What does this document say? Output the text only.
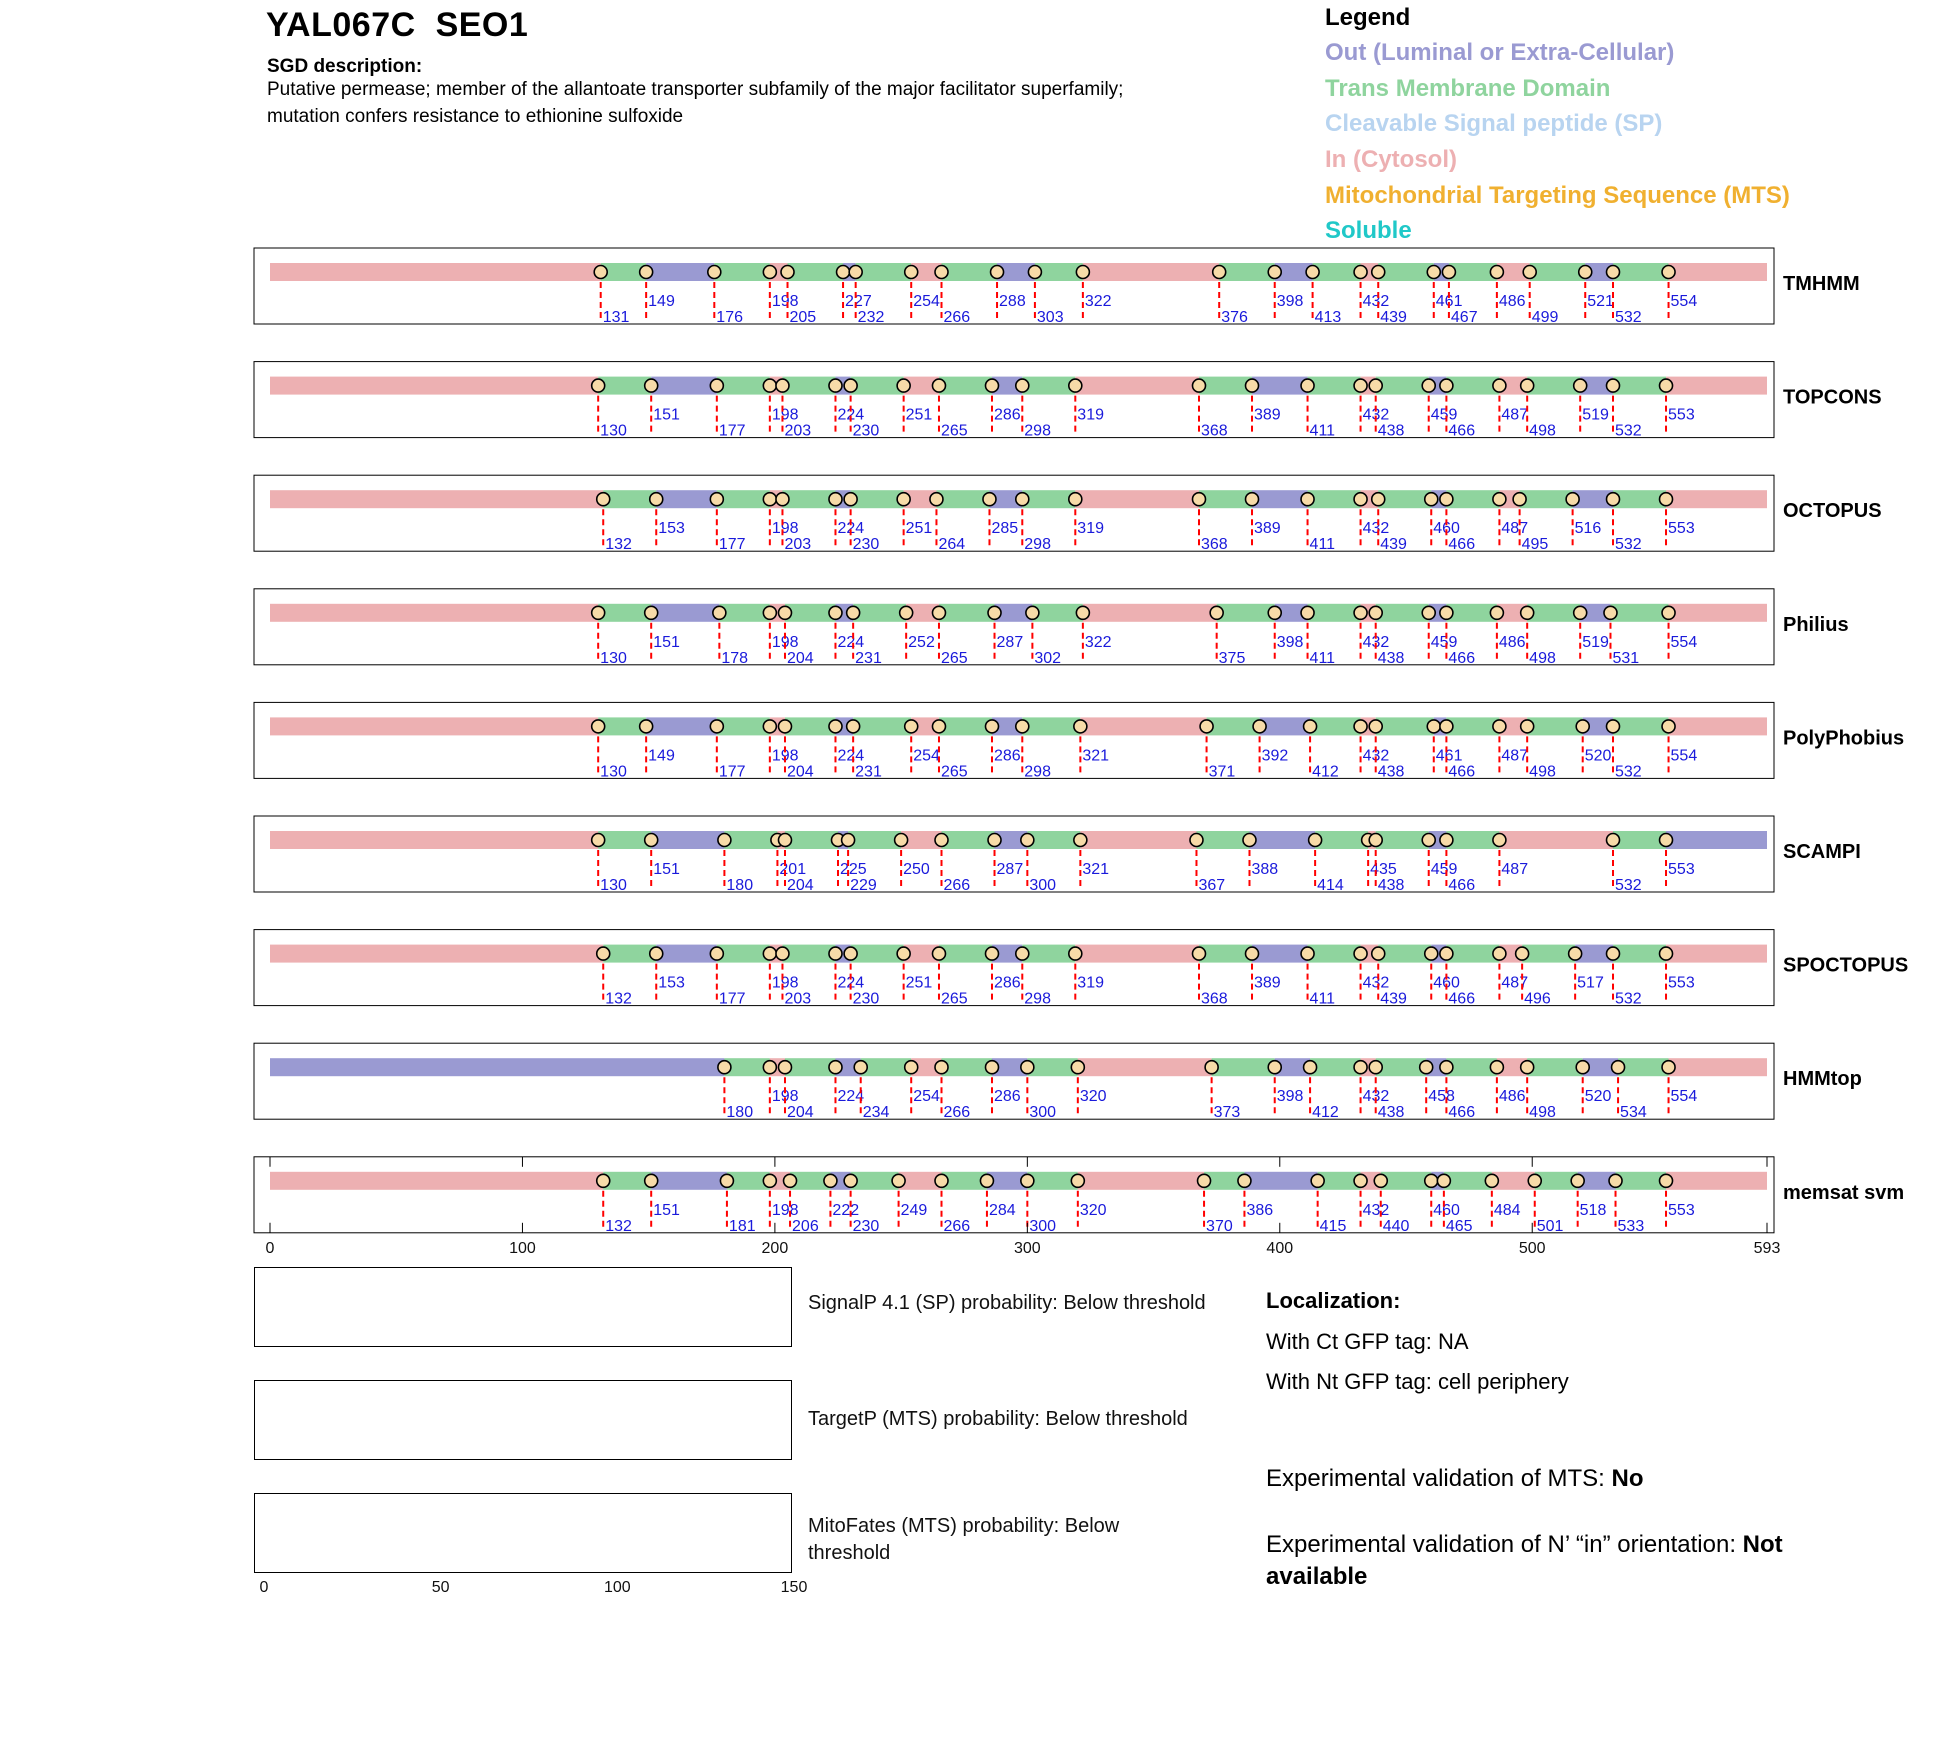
YAL067C SEO1
SGD description:
Putative permease; member of the allantoate transporter subfamily of the major facilitator superfamily;
mutation confers resistance to ethionine sulfoxide
Legend
Out (Luminal or Extra-Cellular)
Trans Membrane Domain
Cleavable Signal peptide (SP)
In (Cytosol)
Mitochondrial Targeting Sequence (MTS)
Soluble
131
149
176
198
205
227
232
254
266
288
303
322
376
398
413
432
439
461
467
486
499
521
532
554
TMHMM
130
151
177
198
203
224
230
251
265
286
298
319
368
389
411
432
438
459
466
487
498
519
532
553
TOPCONS
132
153
177
198
203
224
230
251
264
285
298
319
368
389
411
432
439
460
466
487
495
516
532
553
OCTOPUS
130
151
178
198
204
224
231
252
265
287
302
322
375
398
411
432
438
459
466
486
498
519
531
554
Philius
130
149
177
198
204
224
231
254
265
286
298
321
371
392
412
432
438
461
466
487
498
520
532
554
PolyPhobius
130
151
180
201
204
225
229
250
266
287
300
321
367
388
414
435
438
459
466
487
532
553
SCAMPI
132
153
177
198
203
224
230
251
265
286
298
319
368
389
411
432
439
460
466
487
496
517
532
553
SPOCTOPUS
180
198
204
224
234
254
266
286
300
320
373
398
412
432
438
458
466
486
498
520
534
554
HMMtop
132
151
181
198
206
222
230
249
266
284
300
320
370
386
415
432
440
460
465
484
501
518
533
553
memsat svm
0	100	200	300	400	500	593
0	50	100	150
SignalP 4.1 (SP) probability: Below threshold
TargetP (MTS) probability: Below threshold
MitoFates (MTS) probability: Below
threshold
Localization:
With Ct GFP tag: NA
With Nt GFP tag: cell periphery
Experimental validation of MTS: No
Experimental validation of N’ “in” orientation: Not
available
